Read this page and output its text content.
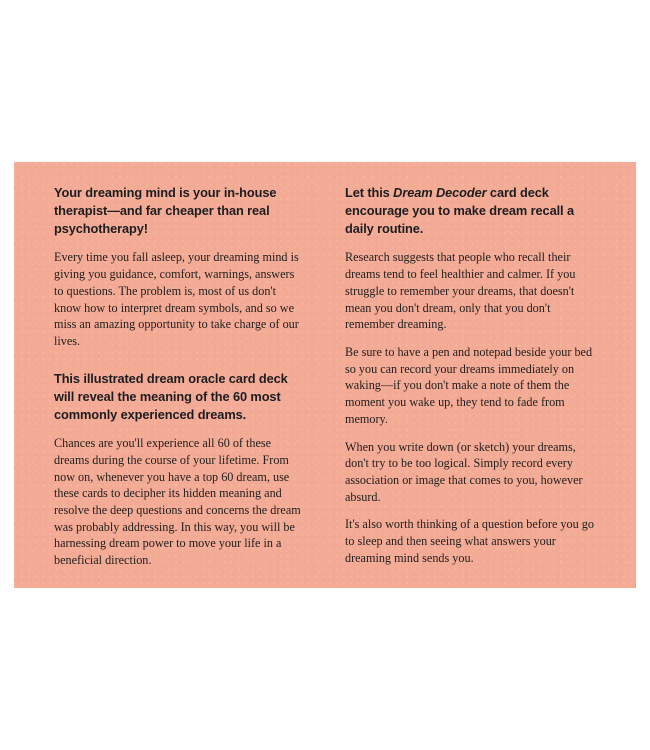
Your dreaming mind is your in-house therapist—and far cheaper than real psychotherapy!

Every time you fall asleep, your dreaming mind is giving you guidance, comfort, warnings, answers to questions. The problem is, most of us don't know how to interpret dream symbols, and so we miss an amazing opportunity to take charge of our lives.

This illustrated dream oracle card deck will reveal the meaning of the 60 most commonly experienced dreams.

Chances are you'll experience all 60 of these dreams during the course of your lifetime. From now on, whenever you have a top 60 dream, use these cards to decipher its hidden meaning and resolve the deep questions and concerns the dream was probably addressing. In this way, you will be harnessing dream power to move your life in a beneficial direction.

Let this Dream Decoder card deck encourage you to make dream recall a daily routine.

Research suggests that people who recall their dreams tend to feel healthier and calmer. If you struggle to remember your dreams, that doesn't mean you don't dream, only that you don't remember dreaming.

Be sure to have a pen and notepad beside your bed so you can record your dreams immediately on waking—if you don't make a note of them the moment you wake up, they tend to fade from memory.

When you write down (or sketch) your dreams, don't try to be too logical. Simply record every association or image that comes to you, however absurd.

It's also worth thinking of a question before you go to sleep and then seeing what answers your dreaming mind sends you.
